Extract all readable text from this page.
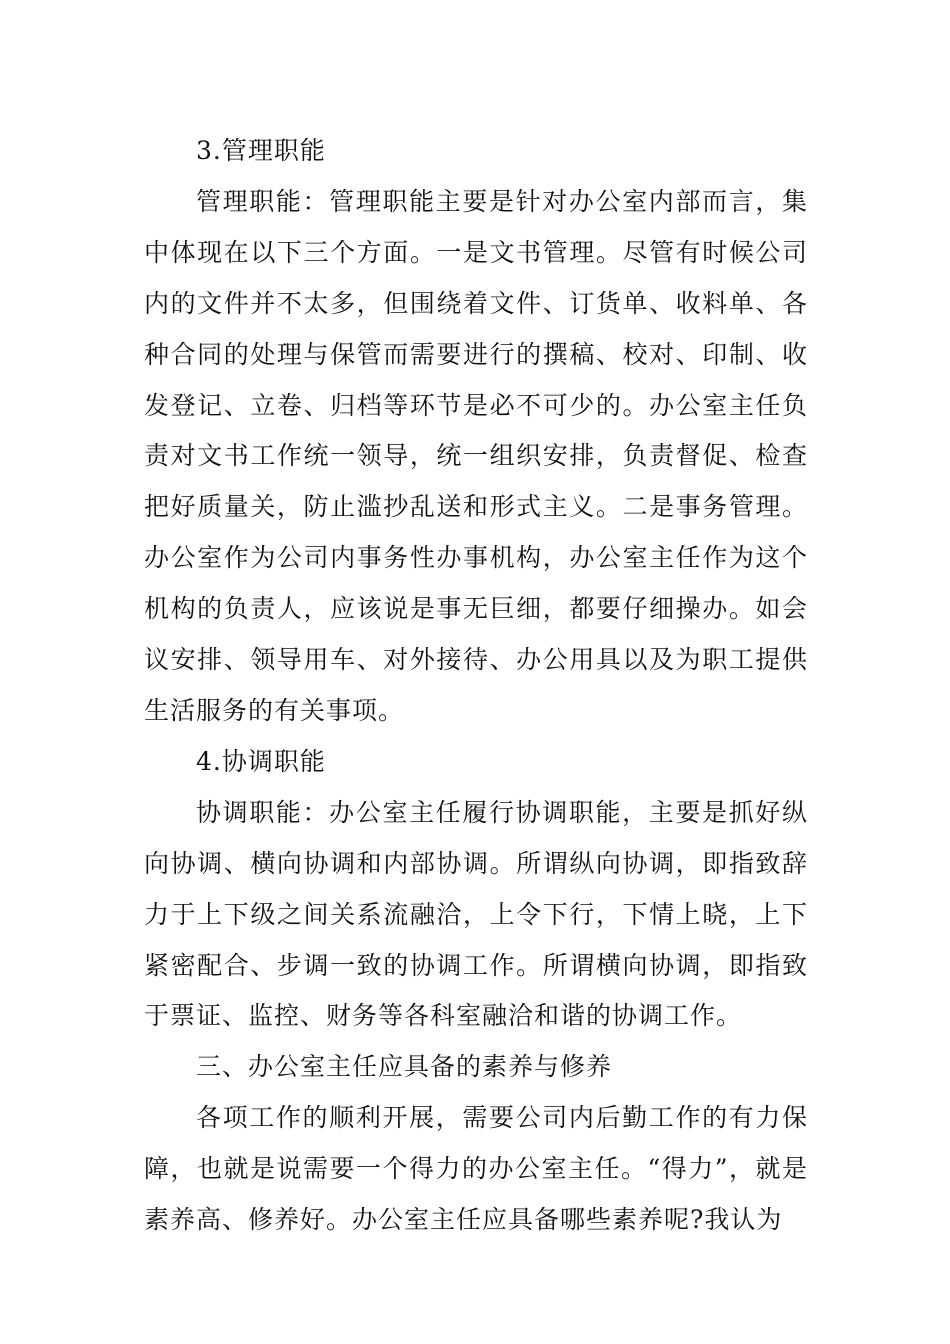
3.管理职能

管理职能：管理职能主要是针对办公室内部而言，集中体现在以下三个方面。一是文书管理。尽管有时候公司内的文件并不太多，但围绕着文件、订货单、收料单、各种合同的处理与保管而需要进行的撰稿、校对、印制、收发登记、立卷、归档等环节是必不可少的。办公室主任负责对文书工作统一领导，统一组织安排，负责督促、检查把好质量关，防止滥抄乱送和形式主义。二是事务管理。办公室作为公司内事务性办事机构，办公室主任作为这个机构的负责人，应该说是事无巨细，都要仔细操办。如会议安排、领导用车、对外接待、办公用具以及为职工提供生活服务的有关事项。

4.协调职能

协调职能：办公室主任履行协调职能，主要是抓好纵向协调、横向协调和内部协调。所谓纵向协调，即指致辞力于上下级之间关系流融洽，上令下行，下情上晓，上下紧密配合、步调一致的协调工作。所谓横向协调，即指致于票证、监控、财务等各科室融洽和谐的协调工作。

三、办公室主任应具备的素养与修养

各项工作的顺利开展，需要公司内后勤工作的有力保障，也就是说需要一个得力的办公室主任。“得力”，就是素养高、修养好。办公室主任应具备哪些素养呢?我认为
